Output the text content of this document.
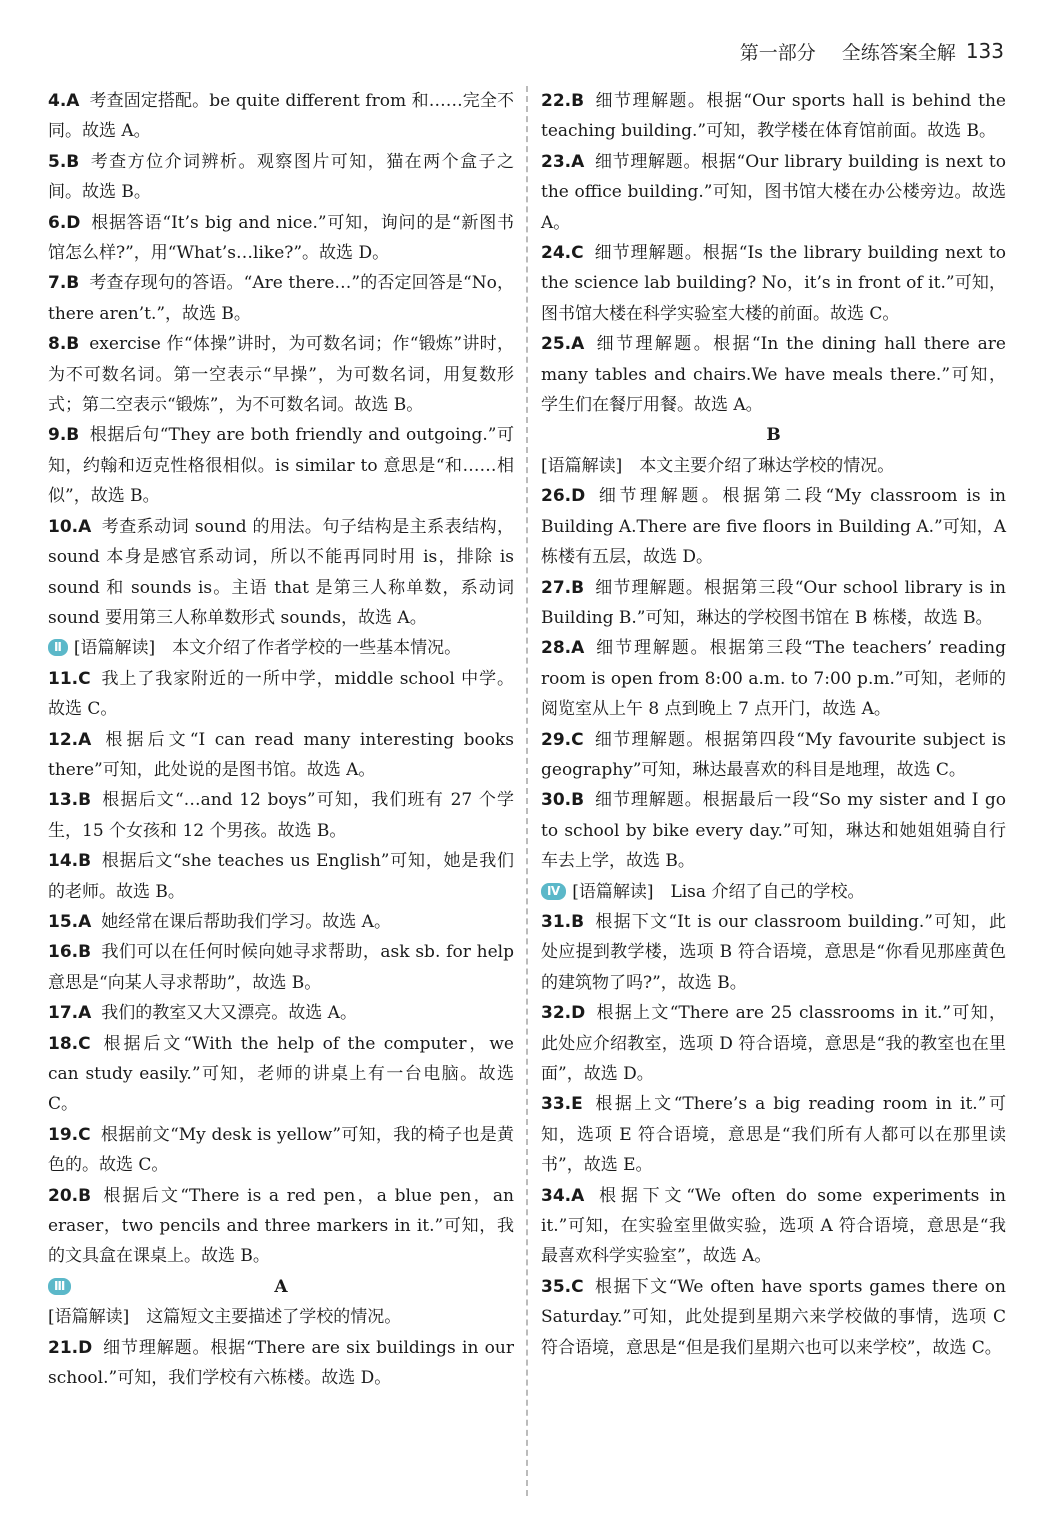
第一部分 全练答案全解 133
4.A 考查固定搭配。be quite different from 和……完全不同。故选 A。
5.B 考查方位介词辨析。观察图片可知，猫在两个盒子之间。故选 B。
6.D 根据答语“It’s big and nice.”可知，询问的是“新图书馆怎么样?”，用“What’s…like?”。故选 D。
7.B 考查存现句的答语。“Are there…”的否定回答是“No，there aren’t.”，故选 B。
8.B exercise 作“体操”讲时，为可数名词；作“锻炼”讲时，为不可数名词。第一空表示“早操”，为可数名词，用复数形式；第二空表示“锻炼”，为不可数名词。故选 B。
9.B 根据后句“They are both friendly and outgoing.”可知，约翰和迈克性格很相似。is similar to 意思是“和……相似”，故选 B。
10.A 考查系动词 sound 的用法。句子结构是主系表结构，sound 本身是感官系动词，所以不能再同时用 is，排除 is sound 和 sounds is。主语 that 是第三人称单数，系动词 sound 要用第三人称单数形式 sounds，故选 A。
Ⅱ [语篇解读]　本文介绍了作者学校的一些基本情况。
11.C 我上了我家附近的一所中学，middle school 中学。故选 C。
12.A 根据后文“I can read many interesting books there”可知，此处说的是图书馆。故选 A。
13.B 根据后文“…and 12 boys”可知，我们班有 27 个学生，15 个女孩和 12 个男孩。故选 B。
14.B 根据后文“she teaches us English”可知，她是我们的老师。故选 B。
15.A 她经常在课后帮助我们学习。故选 A。
16.B 我们可以在任何时候向她寻求帮助，ask sb. for help 意思是“向某人寻求帮助”，故选 B。
17.A 我们的教室又大又漂亮。故选 A。
18.C 根据后文“With the help of the computer，we can study easily.”可知，老师的讲桌上有一台电脑。故选 C。
19.C 根据前文“My desk is yellow”可知，我的椅子也是黄色的。故选 C。
20.B 根据后文“There is a red pen，a blue pen，an eraser，two pencils and three markers in it.”可知，我的文具盒在课桌上。故选 B。
Ⅲ	A
[语篇解读]　这篇短文主要描述了学校的情况。
21.D 细节理解题。根据“There are six buildings in our school.”可知，我们学校有六栋楼。故选 D。
22.B 细节理解题。根据“Our sports hall is behind the teaching building.”可知，教学楼在体育馆前面。故选 B。
23.A 细节理解题。根据“Our library building is next to the office building.”可知，图书馆大楼在办公楼旁边。故选 A。
24.C 细节理解题。根据“Is the library building next to the science lab building? No，it’s in front of it.”可知，图书馆大楼在科学实验室大楼的前面。故选 C。
25.A 细节理解题。根据“In the dining hall there are many tables and chairs.We have meals there.”可知，学生们在餐厅用餐。故选 A。
B
[语篇解读]　本文主要介绍了琳达学校的情况。
26.D 细节理解题。根据第二段“My classroom is in Building A.There are five floors in Building A.”可知，A 栋楼有五层，故选 D。
27.B 细节理解题。根据第三段“Our school library is in Building B.”可知，琳达的学校图书馆在 B 栋楼，故选 B。
28.A 细节理解题。根据第三段“The teachers’ reading room is open from 8:00 a.m. to 7:00 p.m.”可知，老师的阅览室从上午 8 点到晚上 7 点开门，故选 A。
29.C 细节理解题。根据第四段“My favourite subject is geography”可知，琳达最喜欢的科目是地理，故选 C。
30.B 细节理解题。根据最后一段“So my sister and I go to school by bike every day.”可知，琳达和她姐姐骑自行车去上学，故选 B。
Ⅳ [语篇解读]　Lisa 介绍了自己的学校。
31.B 根据下文“It is our classroom building.”可知，此处应提到教学楼，选项 B 符合语境，意思是“你看见那座黄色的建筑物了吗?”，故选 B。
32.D 根据上文“There are 25 classrooms in it.”可知，此处应介绍教室，选项 D 符合语境，意思是“我的教室也在里面”，故选 D。
33.E 根据上文“There’s a big reading room in it.”可知，选项 E 符合语境，意思是“我们所有人都可以在那里读书”，故选 E。
34.A 根据下文“We often do some experiments in it.”可知，在实验室里做实验，选项 A 符合语境，意思是“我最喜欢科学实验室”，故选 A。
35.C 根据下文“We often have sports games there on Saturday.”可知，此处提到星期六来学校做的事情，选项 C 符合语境，意思是“但是我们星期六也可以来学校”，故选 C。
